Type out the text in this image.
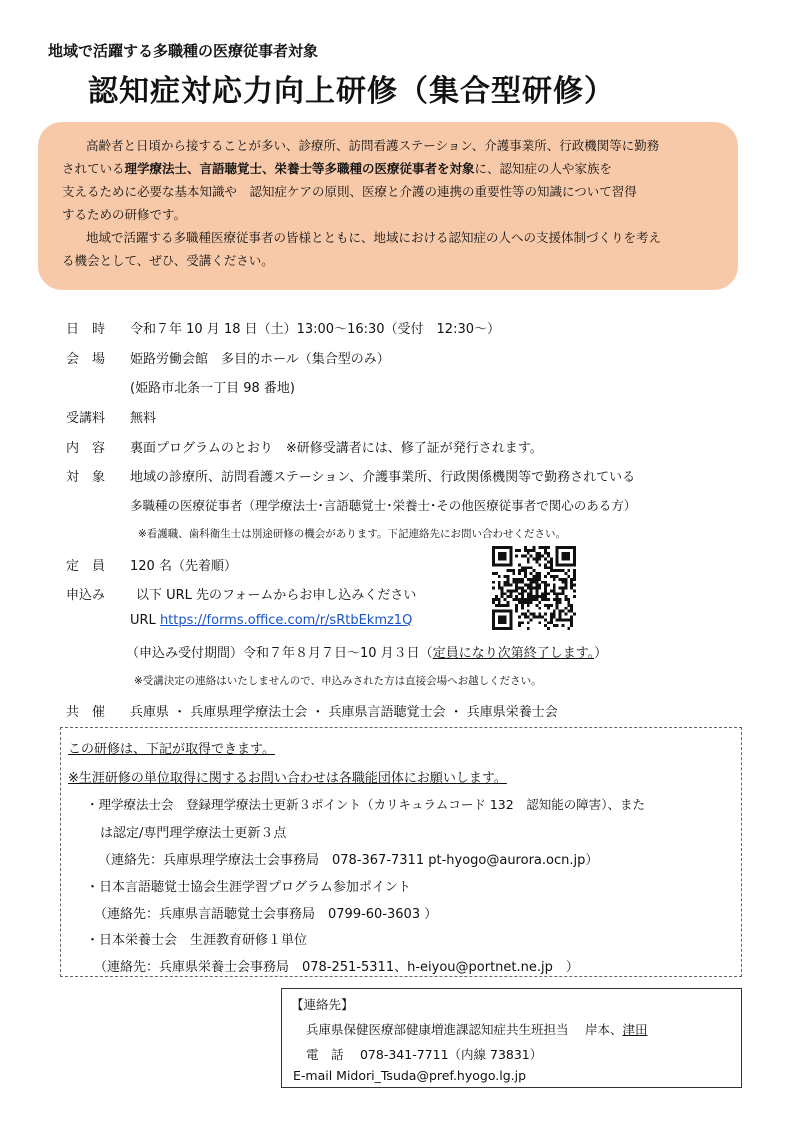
地域で活躍する多職種の医療従事者対象
認知症対応力向上研修（集合型研修）

高齢者と日頃から接することが多い、診療所、訪問看護ステーション、介護事業所、行政機関等に勤務

されている理学療法士、言語聴覚士、栄養士等多職種の医療従事者を対象に、認知症の人や家族を

支えるために必要な基本知識や　認知症ケアの原則、医療と介護の連携の重要性等の知識について習得

するための研修です。

地域で活躍する多職種医療従事者の皆様とともに、地域における認知症の人への支援体制づくりを考え

る機会として、ぜひ、受講ください。

日　時 令和７年 10 月 18 日（土）13:00～16:30（受付　12:30～）
会　場 姫路労働会館　多目的ホール（集合型のみ）
(姫路市北条一丁目 98 番地)
受講料 無料
内　容 裏面プログラムのとおり　※研修受講者には、修了証が発行されます。
対　象 地域の診療所、訪問看護ステーション、介護事業所、行政関係機関等で勤務されている
多職種の医療従事者（理学療法士･言語聴覚士･栄養士･その他医療従事者で関心のある方）
※看護職、歯科衛生士は別途研修の機会があります。下記連絡先にお問い合わせください。
定　員 120 名（先着順）
申込み 以下 URL 先のフォームからお申し込みください
URL https://forms.office.com/r/sRtbEkmz1Q
（申込み受付期間）令和７年８月７日～10 月３日（定員になり次第終了します。）
※受講決定の連絡はいたしませんので、申込みされた方は直接会場へお越しください。
共　催 兵庫県 ・ 兵庫県理学療法士会 ・ 兵庫県言語聴覚士会 ・ 兵庫県栄養士会
この研修は、下記が取得できます。
※生涯研修の単位取得に関するお問い合わせは各職能団体にお願いします。
・理学療法士会　登録理学療法士更新３ポイント（カリキュラムコード 132　認知能の障害）、また
は認定/専門理学療法士更新３点
（連絡先：兵庫県理学療法士会事務局　078-367-7311 pt-hyogo@aurora.ocn.jp）
・日本言語聴覚士協会生涯学習プログラム参加ポイント
（連絡先：兵庫県言語聴覚士会事務局　0799-60-3603 ）
・日本栄養士会　生涯教育研修１単位
（連絡先：兵庫県栄養士会事務局　078-251-5311、h-eiyou@portnet.ne.jp　）
【連絡先】
兵庫県保健医療部健康増進課認知症共生班担当　 岸本、津田
電　話　 078-341-7711（内線 73831）
E-mail Midori_Tsuda@pref.hyogo.lg.jp
